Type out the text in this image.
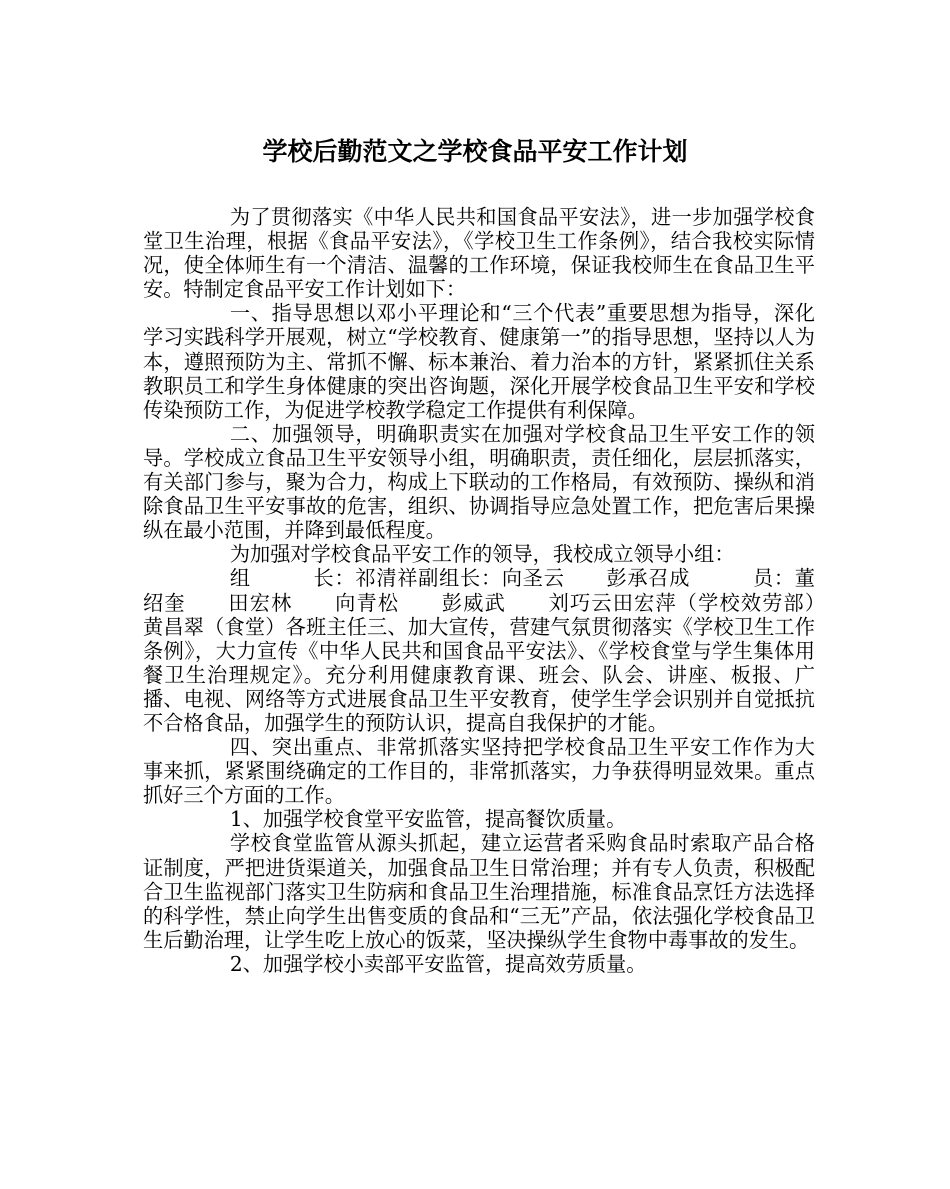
学校后勤范文之学校食品平安工作计划

为了贯彻落实《中华人民共和国食品平安法》，进一步加强学校食堂卫生治理，根据《食品平安法》，《学校卫生工作条例》，结合我校实际情况，使全体师生有一个清洁、温馨的工作环境，保证我校师生在食品卫生平安。特制定食品平安工作计划如下：

一、指导思想以邓小平理论和“三个代表”重要思想为指导，深化学习实践科学开展观，树立“学校教育、健康第一”的指导思想，坚持以人为本，遵照预防为主、常抓不懈、标本兼治、着力治本的方针，紧紧抓住关系教职员工和学生身体健康的突出咨询题，深化开展学校食品卫生平安和学校传染预防工作，为促进学校教学稳定工作提供有利保障。

二、加强领导，明确职责实在加强对学校食品卫生平安工作的领导。学校成立食品卫生平安领导小组，明确职责，责任细化，层层抓落实，有关部门参与，聚为合力，构成上下联动的工作格局，有效预防、操纵和消除食品卫生平安事故的危害，组织、协调指导应急处置工作，把危害后果操纵在最小范围，并降到最低程度。

为加强对学校食品平安工作的领导，我校成立领导小组：

组　　　长：祁清祥副组长：向圣云　　彭承召成　　　员：董绍奎　　田宏林　　向青松　　彭威武　　刘巧云田宏萍（学校效劳部）　　黄昌翠（食堂）各班主任三、加大宣传，营建气氛贯彻落实《学校卫生工作条例》，大力宣传《中华人民共和国食品平安法》、《学校食堂与学生集体用餐卫生治理规定》。充分利用健康教育课、班会、队会、讲座、板报、广播、电视、网络等方式进展食品卫生平安教育，使学生学会识别并自觉抵抗不合格食品，加强学生的预防认识，提高自我保护的才能。

四、突出重点、非常抓落实坚持把学校食品卫生平安工作作为大事来抓，紧紧围绕确定的工作目的，非常抓落实，力争获得明显效果。重点抓好三个方面的工作。

1、加强学校食堂平安监管，提高餐饮质量。

学校食堂监管从源头抓起，建立运营者采购食品时索取产品合格证制度，严把进货渠道关，加强食品卫生日常治理；并有专人负责，积极配合卫生监视部门落实卫生防病和食品卫生治理措施，标准食品烹饪方法选择的科学性，禁止向学生出售变质的食品和“三无”产品，依法强化学校食品卫生后勤治理，让学生吃上放心的饭菜，坚决操纵学生食物中毒事故的发生。

2、加强学校小卖部平安监管，提高效劳质量。
